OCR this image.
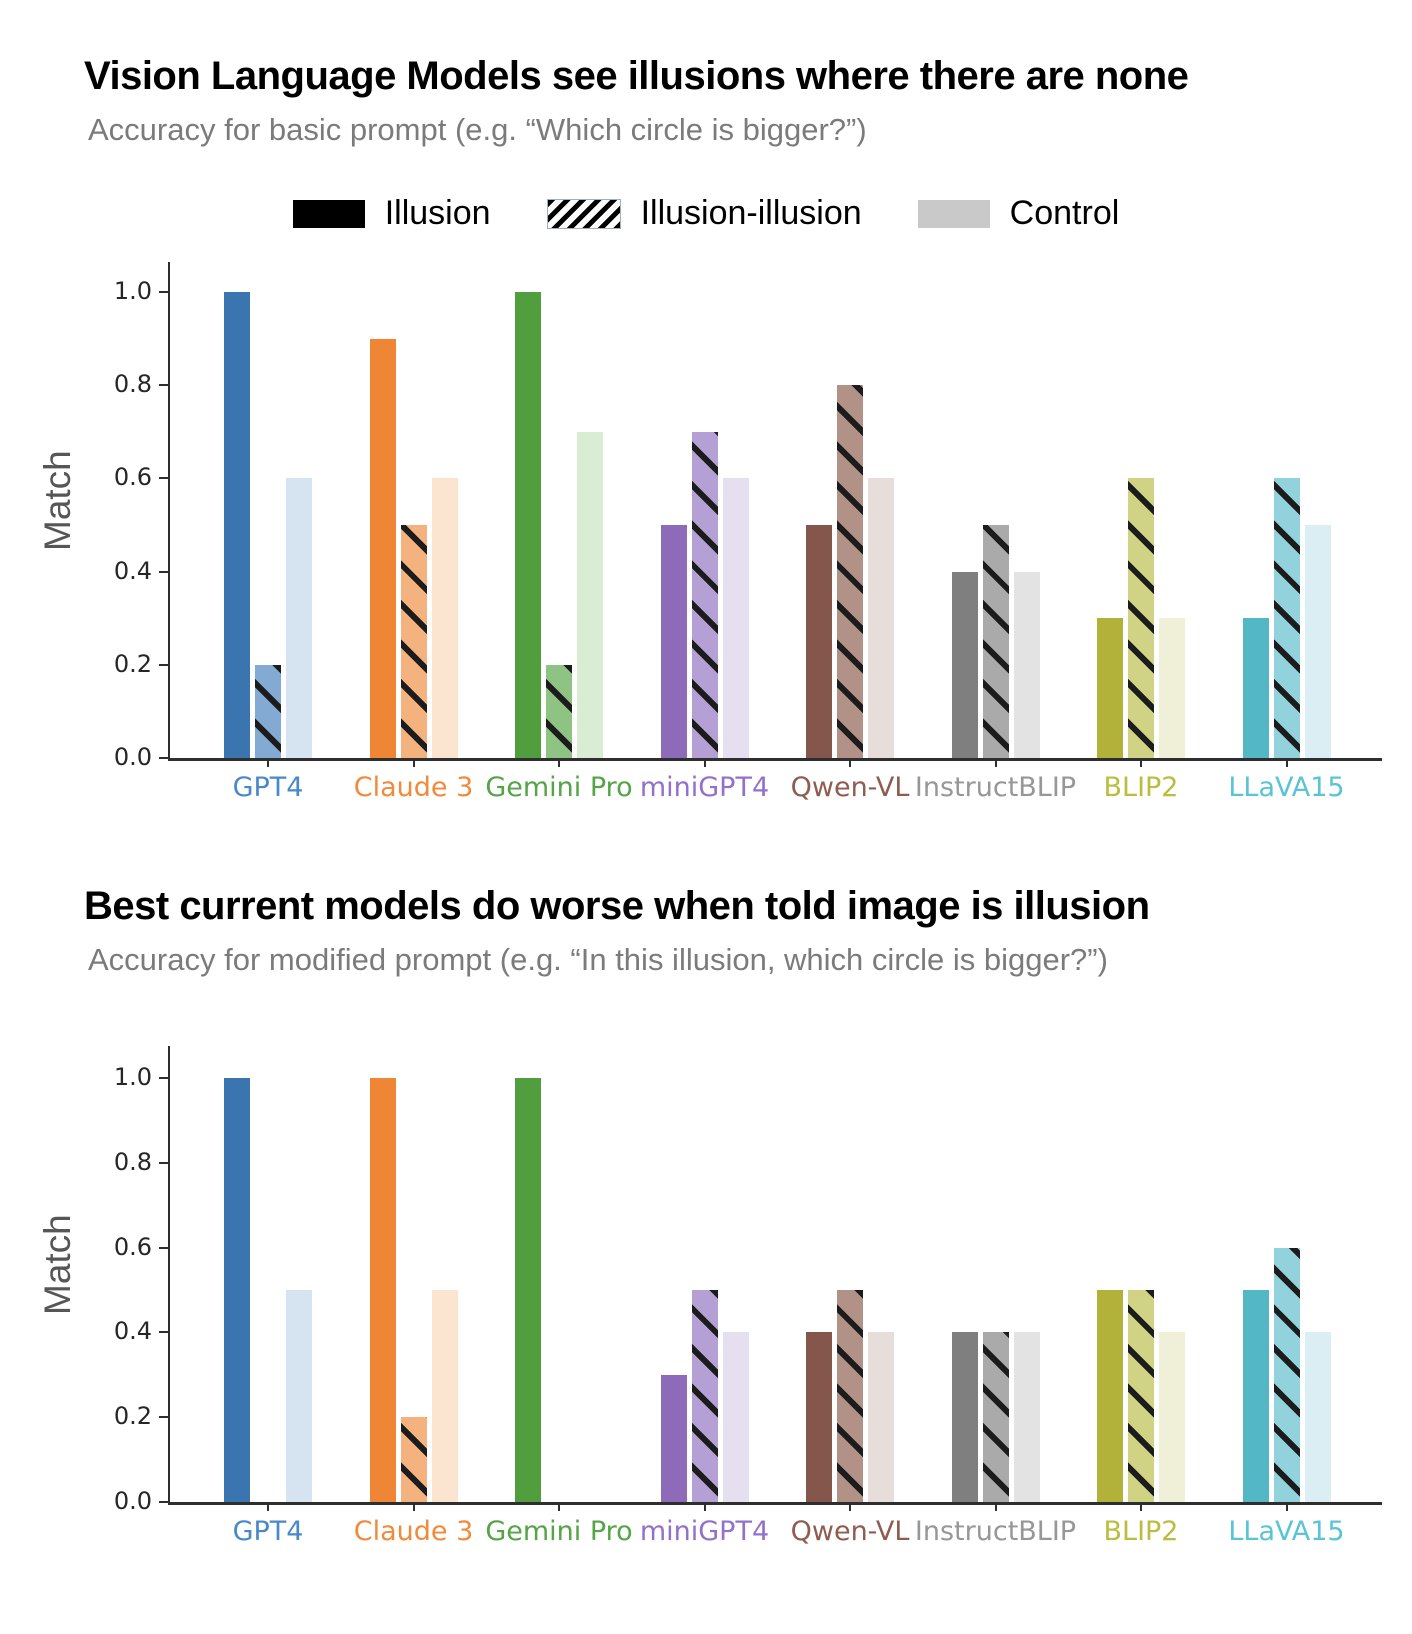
Vision Language Models see illusions where there are none
Accuracy for basic prompt (e.g. “Which circle is bigger?”)
Illusion	Illusion-illusion	Control
Match
Best current models do worse when told image is illusion
Accuracy for modified prompt (e.g. “In this illusion, which circle is bigger?”)
Match
0.0
0.2
0.4
0.6
0.8
1.0
GPT4	Claude 3 Gemini Pro miniGPT4 Qwen-VL InstructBLIP	BLIP2	LLaVA15
0.0
0.2
0.4
0.6
0.8
1.0
GPT4	Claude 3 Gemini Pro miniGPT4 Qwen-VL InstructBLIP	BLIP2	LLaVA15
